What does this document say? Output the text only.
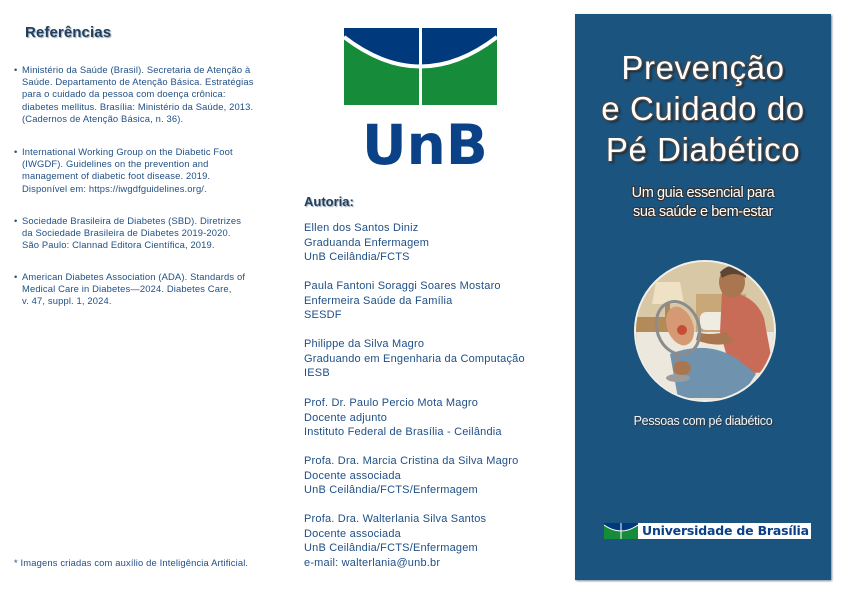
Referências
• Ministério da Saúde (Brasil). Secretaria de Atenção à
Saúde. Departamento de Atenção Básica. Estratégias
para o cuidado da pessoa com doença crônica:
diabetes mellitus. Brasília: Ministério da Saúde, 2013.
(Cadernos de Atenção Básica, n. 36).
• International Working Group on the Diabetic Foot
(IWGDF). Guidelines on the prevention and
management of diabetic foot disease. 2019.
Disponível em: https://iwgdfguidelines.org/.
• Sociedade Brasileira de Diabetes (SBD). Diretrizes
da Sociedade Brasileira de Diabetes 2019-2020.
São Paulo: Clannad Editora Científica, 2019.
• American Diabetes Association (ADA). Standards of
Medical Care in Diabetes—2024. Diabetes Care,
v. 47, suppl. 1, 2024.
* Imagens criadas com auxílio de Inteligência Artificial.
UnB
Autoria:
Ellen dos Santos Diniz
Graduanda Enfermagem
UnB Ceilândia/FCTS
Paula Fantoni Soraggi Soares Mostaro
Enfermeira Saúde da Família
SESDF
Philippe da Silva Magro
Graduando em Engenharia da Computação
IESB
Prof. Dr. Paulo Percio Mota Magro
Docente adjunto
Instituto Federal de Brasília - Ceilândia
Profa. Dra. Marcia Cristina da Silva Magro
Docente associada
UnB Ceilândia/FCTS/Enfermagem
Profa. Dra. Walterlania Silva Santos
Docente associada
UnB Ceilândia/FCTS/Enfermagem
e-mail: walterlania@unb.br
Prevenção
e Cuidado do
Pé Diabético
Um guia essencial para
sua saúde e bem-estar
Pessoas com pé diabético
Universidade de Brasília
